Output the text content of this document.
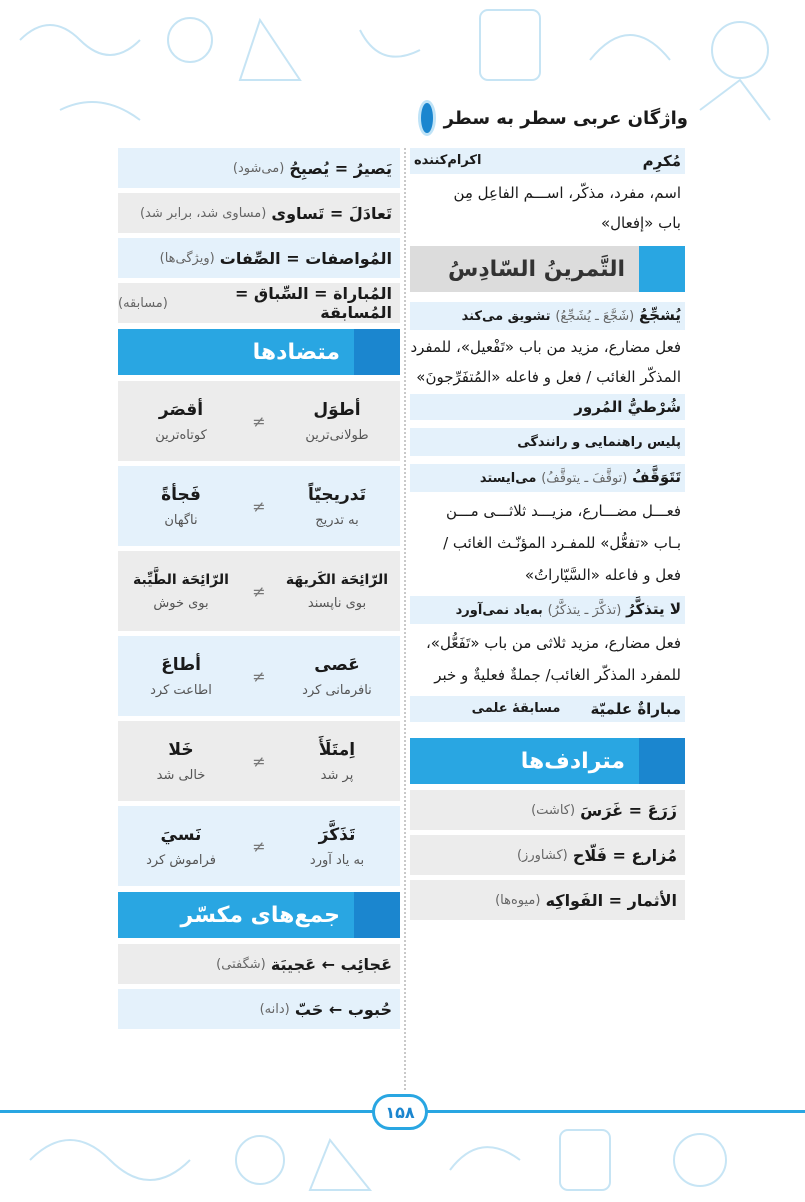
واژگان عربی سطر به سطر
مُكرِم
اکرام‌کننده
اسم، مفرد، مذکّر، اســـم الفاعِل مِن
باب «إفعال»
التَّمرينُ السّادِسُ
يُشجِّعُ (شَجَّعَ ـ يُشَجِّعُ) تشویق می‌کند
فعل مضارع، مزید من باب «تَفْعیل»، للمفرد
المذکّر الغائب / فعل و فاعله «المُتفَرِّجونَ»
شُرْطيُّ المُرور
پلیس راهنمایی و رانندگی
تَتَوَقَّفُ (توقَّفَ ـ يتوقَّفُ) می‌ایستد
فعـــل مضـــارع، مزیـــد ثلاثـــی مـــن
بـاب «تفعُّل» للمفـرد المؤنّـث الغائب /
فعل و فاعله «السَّيّاراتُ»
لا يتذكَّرُ (تذكَّرَ ـ يتذكَّرُ) به‌یاد نمی‌آورد
فعل مضارع، مزید ثلاثی من باب «تَفَعُّل»،
للمفرد المذکّر الغائب/ جملةٌ فعليةٌ و خبر
مباراةٌ علميّة
مسابقهٔ علمی
مترادف‌ها
زَرَعَ = غَرَسَ

(کاشت)
مُزارع = فَلّاح

(کشاورز)
الأثمار = الفَواكِه

(میوه‌ها)
يَصيرُ = يُصبِحُ

(می‌شود)
تَعادَلَ = تَساوى

(مساوی شد، برابر شد)
المُواصفات = الصِّفات

(ویژگی‌ها)
المُباراة = السِّباق = المُسابقة

(مسابقه)
متضادها
أطوَل
طولانی‌ترین
≠
أقصَر
کوتاه‌ترین
تَدريجيّاً
به تدریج
≠
فَجأةً
ناگهان
الرّائِحَة الكَريهَة
بوی ناپسند
≠
الرّائِحَة الطَّيِّبة
بوی خوش
عَصى
نافرمانی کرد
≠
أطاعَ
اطاعت کرد
اِمتَلَأَ
پر شد
≠
خَلا
خالی شد
تَذَكَّرَ
به یاد آورد
≠
نَسيَ
فراموش کرد
جمع‌های مکسّر
عَجائِب ← عَجيبَة

(شگفتی)
حُبوب ← حَبّ

(دانه)
۱۵۸
